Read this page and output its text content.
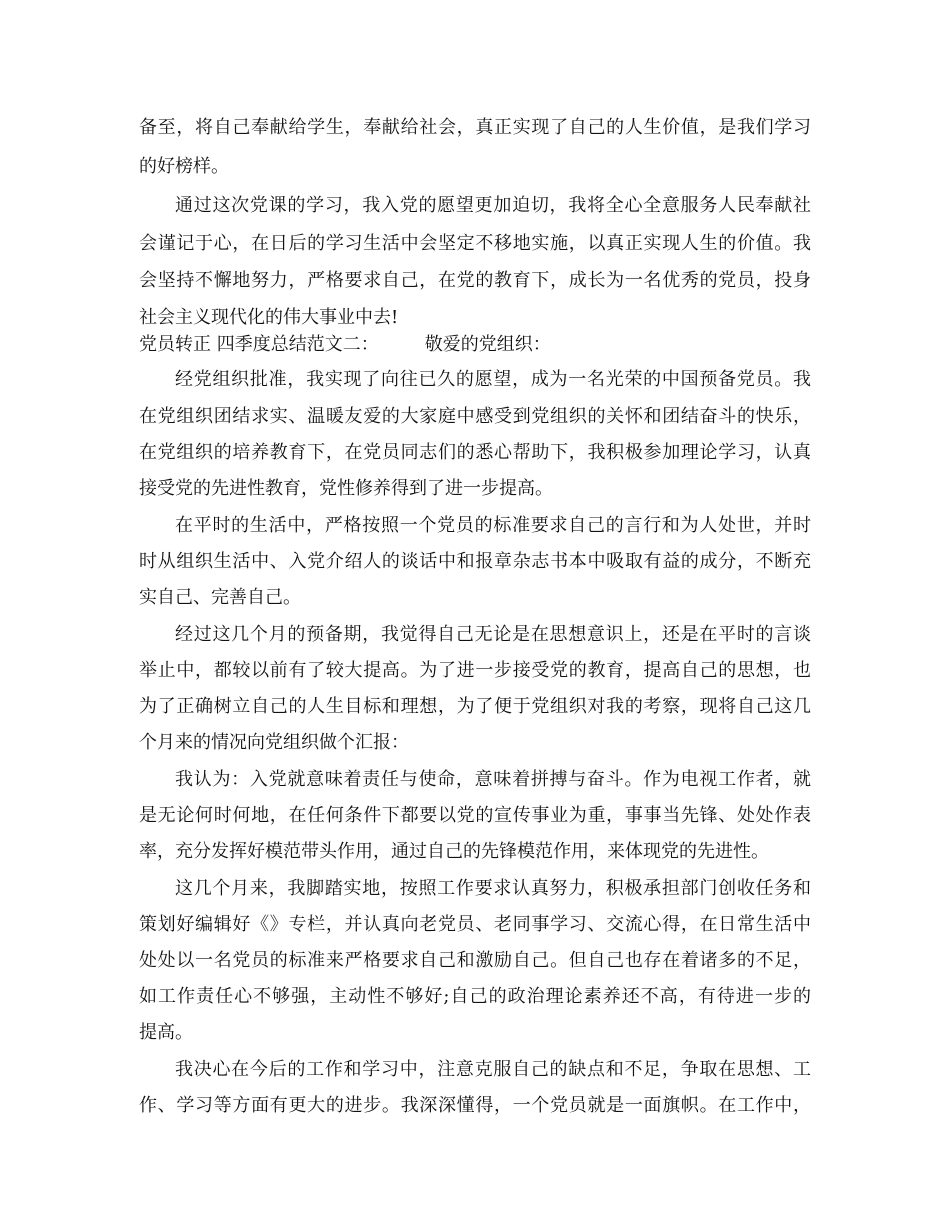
备至，将自己奉献给学生，奉献给社会，真正实现了自己的人生价值，是我们学习
的好榜样。
通过这次党课的学习，我入党的愿望更加迫切，我将全心全意服务人民奉献社
会谨记于心，在日后的学习生活中会坚定不移地实施，以真正实现人生的价值。我
会坚持不懈地努力，严格要求自己，在党的教育下，成长为一名优秀的党员，投身
社会主义现代化的伟大事业中去!
党员转正 四季度总结范文二：	敬爱的党组织：
经党组织批准，我实现了向往已久的愿望，成为一名光荣的中国预备党员。我
在党组织团结求实、温暖友爱的大家庭中感受到党组织的关怀和团结奋斗的快乐，
在党组织的培养教育下，在党员同志们的悉心帮助下，我积极参加理论学习，认真
接受党的先进性教育，党性修养得到了进一步提高。
在平时的生活中，严格按照一个党员的标准要求自己的言行和为人处世，并时
时从组织生活中、入党介绍人的谈话中和报章杂志书本中吸取有益的成分，不断充
实自己、完善自己。
经过这几个月的预备期，我觉得自己无论是在思想意识上，还是在平时的言谈
举止中，都较以前有了较大提高。为了进一步接受党的教育，提高自己的思想，也
为了正确树立自己的人生目标和理想，为了便于党组织对我的考察，现将自己这几
个月来的情况向党组织做个汇报：
我认为：入党就意味着责任与使命，意味着拼搏与奋斗。作为电视工作者，就
是无论何时何地，在任何条件下都要以党的宣传事业为重，事事当先锋、处处作表
率，充分发挥好模范带头作用，通过自己的先锋模范作用，来体现党的先进性。
这几个月来，我脚踏实地，按照工作要求认真努力，积极承担部门创收任务和
策划好编辑好《》专栏，并认真向老党员、老同事学习、交流心得，在日常生活中
处处以一名党员的标准来严格要求自己和激励自己。但自己也存在着诸多的不足，
如工作责任心不够强，主动性不够好;自己的政治理论素养还不高，有待进一步的
提高。
我决心在今后的工作和学习中，注意克服自己的缺点和不足，争取在思想、工
作、学习等方面有更大的进步。我深深懂得，一个党员就是一面旗帜。在工作中，
